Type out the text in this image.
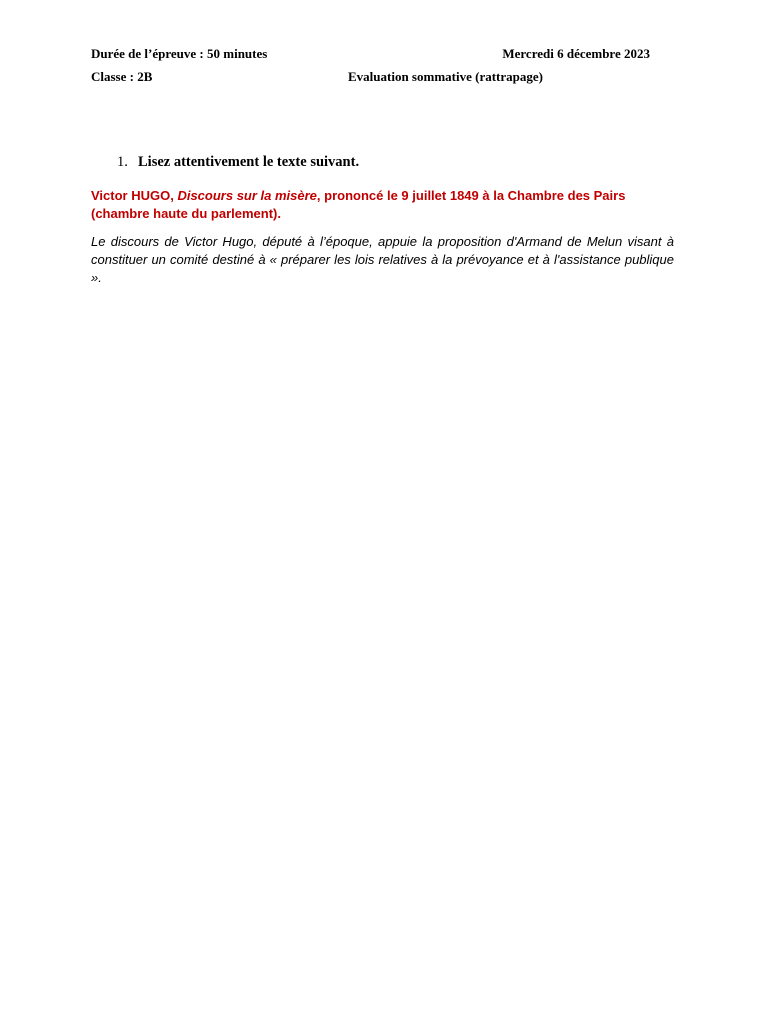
Durée de l’épreuve : 50 minutes	Mercredi 6 décembre 2023
Classe : 2B	Evaluation sommative (rattrapage)
1. Lisez attentivement le texte suivant.
Victor HUGO, Discours sur la misère, prononcé le 9 juillet 1849 à la Chambre des Pairs (chambre haute du parlement).
Le discours de Victor Hugo, député à l’époque, appuie la proposition d'Armand de Melun visant à constituer un comité destiné à « préparer les lois relatives à la prévoyance et à l'assistance publique ».
